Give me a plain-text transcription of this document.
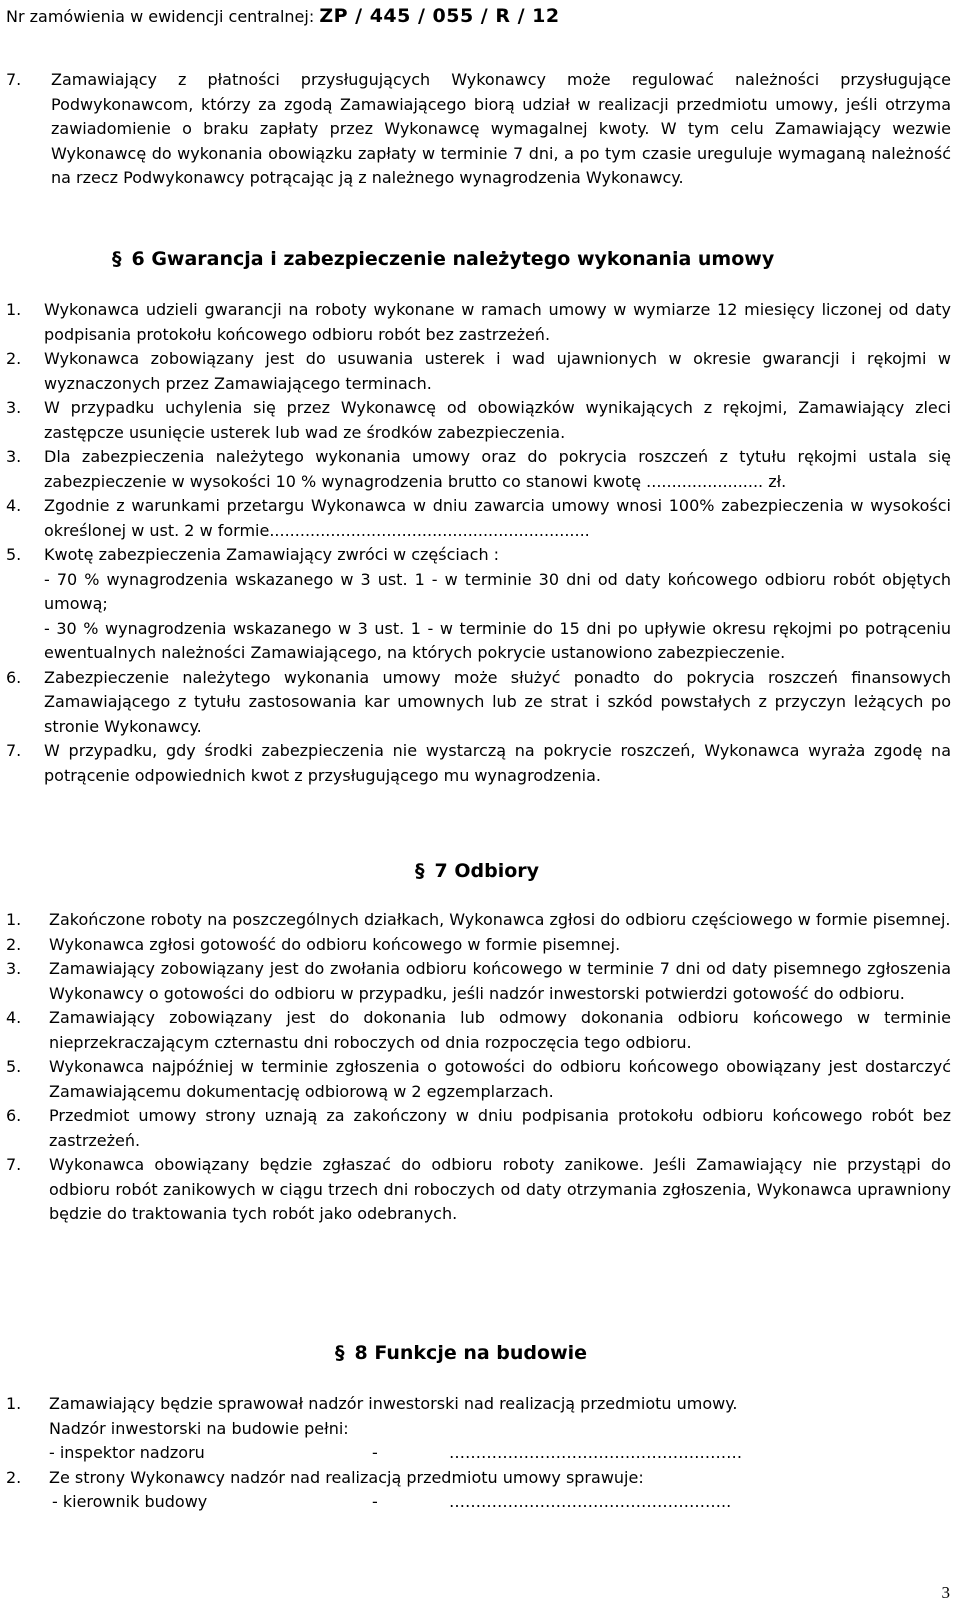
Nr zamówienia w ewidencji centralnej: ZP / 445 / 055 / R / 12
7. Zamawiający z płatności przysługujących Wykonawcy może regulować należności przysługujące Podwykonawcom, którzy za zgodą Zamawiającego biorą udział w realizacji przedmiotu umowy, jeśli otrzyma zawiadomienie o braku zapłaty przez Wykonawcę wymagalnej kwoty. W tym celu Zamawiający wezwie Wykonawcę do wykonania obowiązku zapłaty w terminie 7 dni, a po tym czasie ureguluje wymaganą należność na rzecz Podwykonawcy potrącając ją z należnego wynagrodzenia Wykonawcy.
§ 6 Gwarancja i zabezpieczenie należytego wykonania umowy
1. Wykonawca udzieli gwarancji na roboty wykonane w ramach umowy w wymiarze 12 miesięcy liczonej od daty podpisania protokołu końcowego odbioru robót bez zastrzeżeń.
2. Wykonawca zobowiązany jest do usuwania usterek i wad ujawnionych w okresie gwarancji i rękojmi w wyznaczonych przez Zamawiającego terminach.
3. W przypadku uchylenia się przez Wykonawcę od obowiązków wynikających z rękojmi, Zamawiający zleci zastępcze usunięcie usterek lub wad ze środków zabezpieczenia.
3. Dla zabezpieczenia należytego wykonania umowy oraz do pokrycia roszczeń z tytułu rękojmi ustala się zabezpieczenie w wysokości 10 % wynagrodzenia brutto co stanowi kwotę ....................... zł.
4. Zgodnie z warunkami przetargu Wykonawca w dniu zawarcia umowy wnosi 100% zabezpieczenia w wysokości określonej w ust. 2 w formie...............................................................
5. Kwotę zabezpieczenia Zamawiający zwróci w częściach :
- 70 % wynagrodzenia wskazanego w 3 ust. 1 - w terminie 30 dni od daty końcowego odbioru robót objętych umową;
- 30 % wynagrodzenia wskazanego w 3 ust. 1 - w terminie do 15 dni po upływie okresu rękojmi po potrąceniu ewentualnych należności Zamawiającego, na których pokrycie ustanowiono zabezpieczenie.
6. Zabezpieczenie należytego wykonania umowy może służyć ponadto do pokrycia roszczeń finansowych Zamawiającego z tytułu zastosowania kar umownych lub ze strat i szkód powstałych z przyczyn leżących po stronie Wykonawcy.
7. W przypadku, gdy środki zabezpieczenia nie wystarczą na pokrycie roszczeń, Wykonawca wyraża zgodę na potrącenie odpowiednich kwot z przysługującego mu wynagrodzenia.
§ 7 Odbiory
1. Zakończone roboty na poszczególnych działkach, Wykonawca zgłosi do odbioru częściowego w formie pisemnej.
2. Wykonawca zgłosi gotowość do odbioru końcowego w formie pisemnej.
3. Zamawiający zobowiązany jest do zwołania odbioru końcowego w terminie 7 dni od daty pisemnego zgłoszenia Wykonawcy o gotowości do odbioru w przypadku, jeśli nadzór inwestorski potwierdzi gotowość do odbioru.
4. Zamawiający zobowiązany jest do dokonania lub odmowy dokonania odbioru końcowego w terminie nieprzekraczającym czternastu dni roboczych od dnia rozpoczęcia tego odbioru.
5. Wykonawca najpóźniej w terminie zgłoszenia o gotowości do odbioru końcowego obowiązany jest dostarczyć Zamawiającemu dokumentację odbiorową w 2 egzemplarzach.
6. Przedmiot umowy strony uznają za zakończony w dniu podpisania protokołu odbioru końcowego robót bez zastrzeżeń.
7. Wykonawca obowiązany będzie zgłaszać do odbioru roboty zanikowe. Jeśli Zamawiający nie przystąpi do odbioru robót zanikowych w ciągu trzech dni roboczych od daty otrzymania zgłoszenia, Wykonawca uprawniony będzie do traktowania tych robót jako odebranych.
§ 8 Funkcje na budowie
1. Zamawiający będzie sprawował nadzór inwestorski nad realizacją przedmiotu umowy.
Nadzór inwestorski na budowie pełni:
- inspektor nadzoru	-	…………………………….…………………
2. Ze strony Wykonawcy nadzór nad realizacją przedmiotu umowy sprawuje:
- kierownik budowy	-	……………………………………………..
3
